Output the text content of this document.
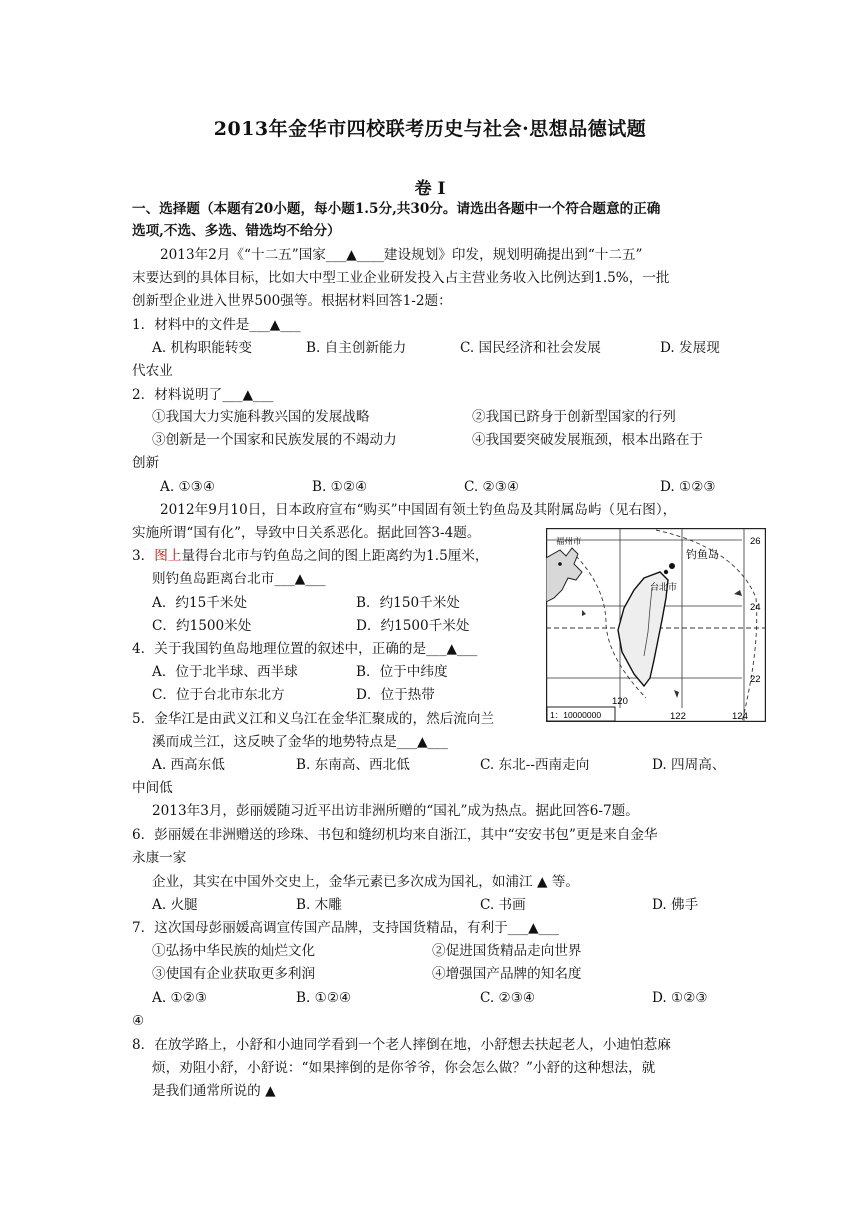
2013年金华市四校联考历史与社会·思想品德试题
卷 Ⅰ
一、选择题（本题有20小题，每小题1.5分,共30分。请选出各题中一个符合题意的正确
选项,不选、多选、错选均不给分）
2013年2月《“十二五”国家___▲____建设规划》印发，规划明确提出到“十二五”
末要达到的具体目标，比如大中型工业企业研发投入占主营业务收入比例达到1.5%，一批
创新型企业进入世界500强等。根据材料回答1-2题：
1．材料中的文件是___▲___
A. 机构职能转变	B. 自主创新能力	C. 国民经济和社会发展	D. 发展现
代农业
2．材料说明了___▲___
①我国大力实施科教兴国的发展战略	②我国已跻身于创新型国家的行列
③创新是一个国家和民族发展的不竭动力	④我国要突破发展瓶颈，根本出路在于
创新
A. ①③④	B. ①②④	C. ②③④	D. ①②③
2012年9月10日，日本政府宣布“购买”中国固有领土钓鱼岛及其附属岛屿（见右图），
实施所谓“国有化”，导致中日关系恶化。据此回答3-4题。
3．图上量得台北市与钓鱼岛之间的图上距离约为1.5厘米，
则钓鱼岛距离台北市___▲___
A．约15千米处	B．约150千米处
C．约1500米处	D．约1500千米处
4．关于我国钓鱼岛地理位置的叙述中，正确的是___▲___
A．位于北半球、西半球	B．位于中纬度
C．位于台北市东北方	D．位于热带
5．金华江是由武义江和义乌江在金华汇聚成的，然后流向兰
溪而成兰江，这反映了金华的地势特点是___▲___
A. 西高东低	B. 东南高、西北低	C. 东北--西南走向	D. 四周高、
中间低
2013年3月，彭丽媛随习近平出访非洲所赠的“国礼”成为热点。据此回答6-7题。
6．彭丽媛在非洲赠送的珍珠、书包和缝纫机均来自浙江，其中“安安书包”更是来自金华
永康一家
企业，其实在中国外交史上，金华元素已多次成为国礼，如浦江 ▲ 等。
A. 火腿	B. 木雕	C. 书画	D. 佛手
7．这次国母彭丽媛高调宣传国产品牌，支持国货精品，有利于___▲___
①弘扬中华民族的灿烂文化	②促进国货精品走向世界
③使国有企业获取更多利润	④增强国产品牌的知名度
A. ①②③	B. ①②④	C. ②③④	D. ①②③
④
8．在放学路上，小舒和小迪同学看到一个老人摔倒在地，小舒想去扶起老人，小迪怕惹麻
烦，劝阻小舒，小舒说：“如果摔倒的是你爷爷，你会怎么做？”小舒的这种想法，就
是我们通常所说的 ▲
福州市
钓鱼岛
台北市
26
24
22
120
122	124
1：10000000
